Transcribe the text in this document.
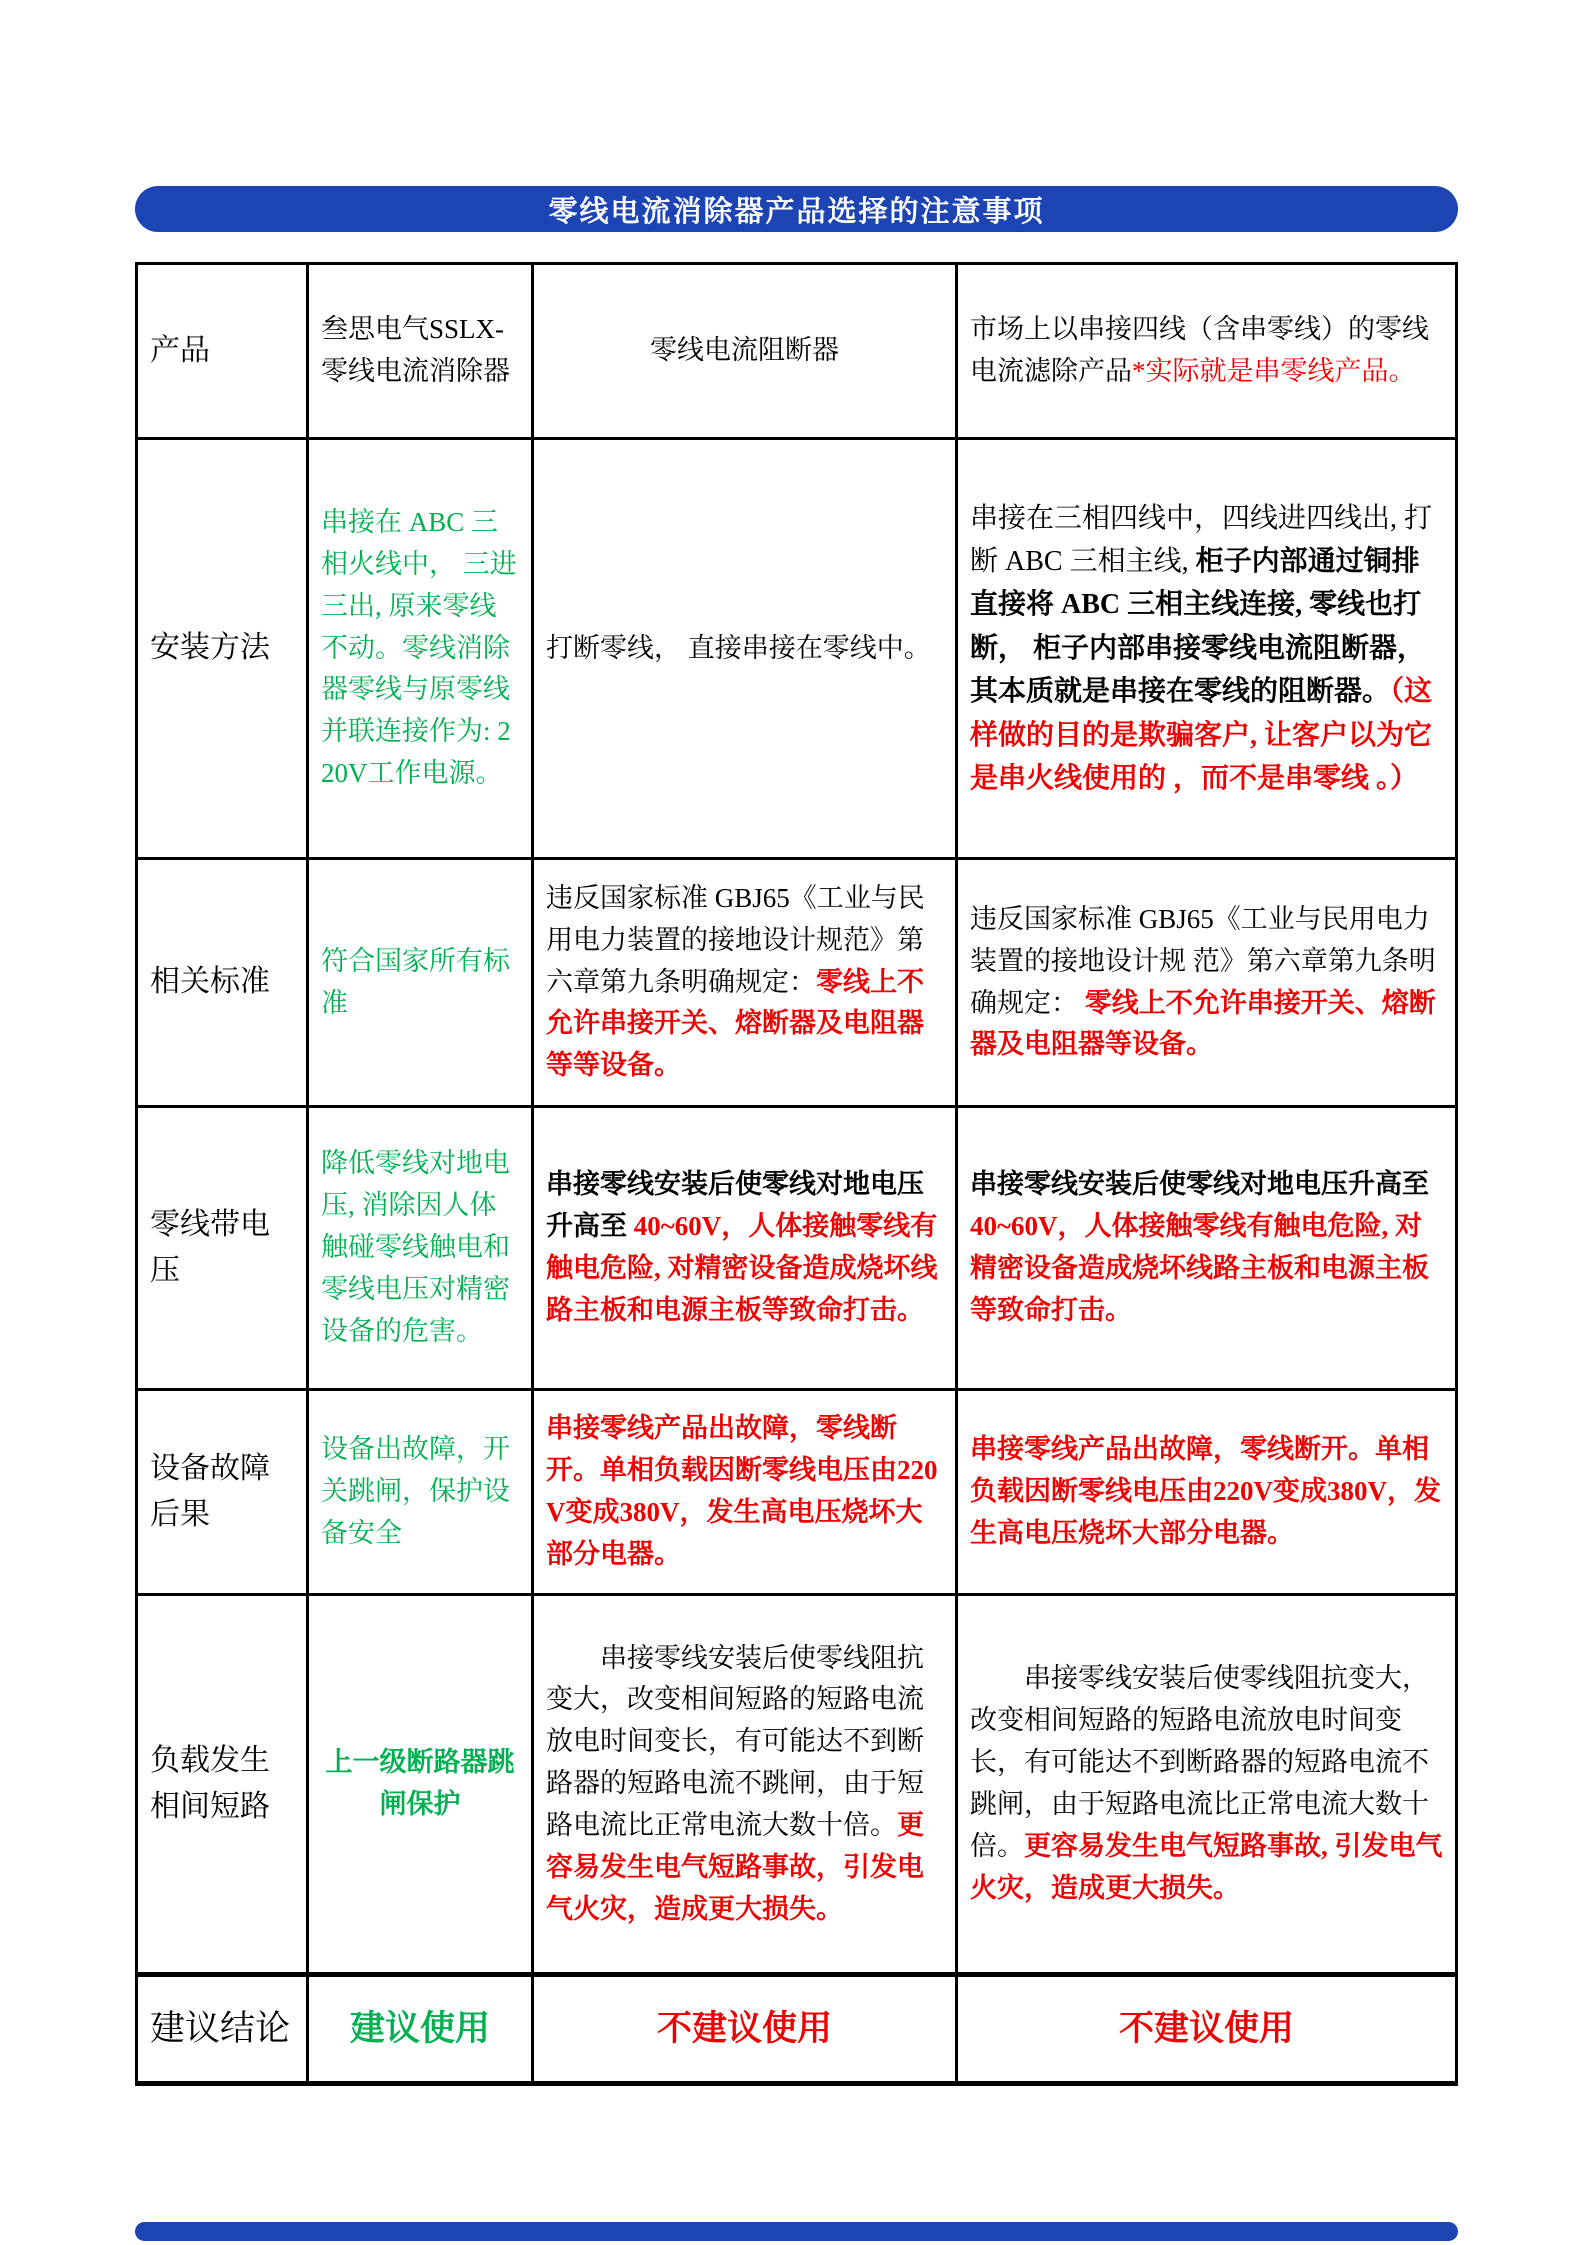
零线电流消除器产品选择的注意事项
产品	叁思电气SSLX-零线电流消除器	零线电流阻断器	市场上以串接四线（含串零线）的零线电流滤除产品*实际就是串零线产品。

安装方法	串接在 ABC 三相火线中， 三进三出, 原来零线不动。零线消除器零线与原零线并联连接作为: 220V工作电源。	打断零线， 直接串接在零线中。	串接在三相四线中，四线进四线出, 打断 ABC 三相主线, 柜子内部通过铜排直接将 ABC 三相主线连接, 零线也打断， 柜子内部串接零线电流阻断器，其本质就是串接在零线的阻断器。（这样做的目的是欺骗客户, 让客户以为它是串火线使用的 ，而不是串零线 。）

相关标准	符合国家所有标准	违反国家标准 GBJ65《工业与民用电力装置的接地设计规范》第六章第九条明确规定：零线上不允许串接开关、熔断器及电阻器等等设备。	违反国家标准 GBJ65《工业与民用电力装置的接地设计规 范》第六章第九条明确规定： 零线上不允许串接开关、熔断器及电阻器等设备。

零线带电压	降低零线对地电压, 消除因人体触碰零线触电和零线电压对精密设备的危害。	串接零线安装后使零线对地电压升高至 40~60V，人体接触零线有触电危险, 对精密设备造成烧坏线路主板和电源主板等致命打击。	串接零线安装后使零线对地电压升高至 40~60V，人体接触零线有触电危险, 对精密设备造成烧坏线路主板和电源主板等致命打击。

设备故障后果	设备出故障，开关跳闸，保护设备安全	串接零线产品出故障，零线断开。单相负载因断零线电压由220V变成380V，发生高电压烧坏大部分电器。	串接零线产品出故障，零线断开。单相负载因断零线电压由220V变成380V，发生高电压烧坏大部分电器。

负载发生相间短路	上一级断路器跳闸保护	串接零线安装后使零线阻抗变大，改变相间短路的短路电流放电时间变长，有可能达不到断路器的短路电流不跳闸，由于短路电流比正常电流大数十倍。更容易发生电气短路事故，引发电气火灾，造成更大损失。	串接零线安装后使零线阻抗变大，改变相间短路的短路电流放电时间变长，有可能达不到断路器的短路电流不跳闸，由于短路电流比正常电流大数十倍。更容易发生电气短路事故, 引发电气火灾，造成更大损失。

建议结论	建议使用	不建议使用	不建议使用
